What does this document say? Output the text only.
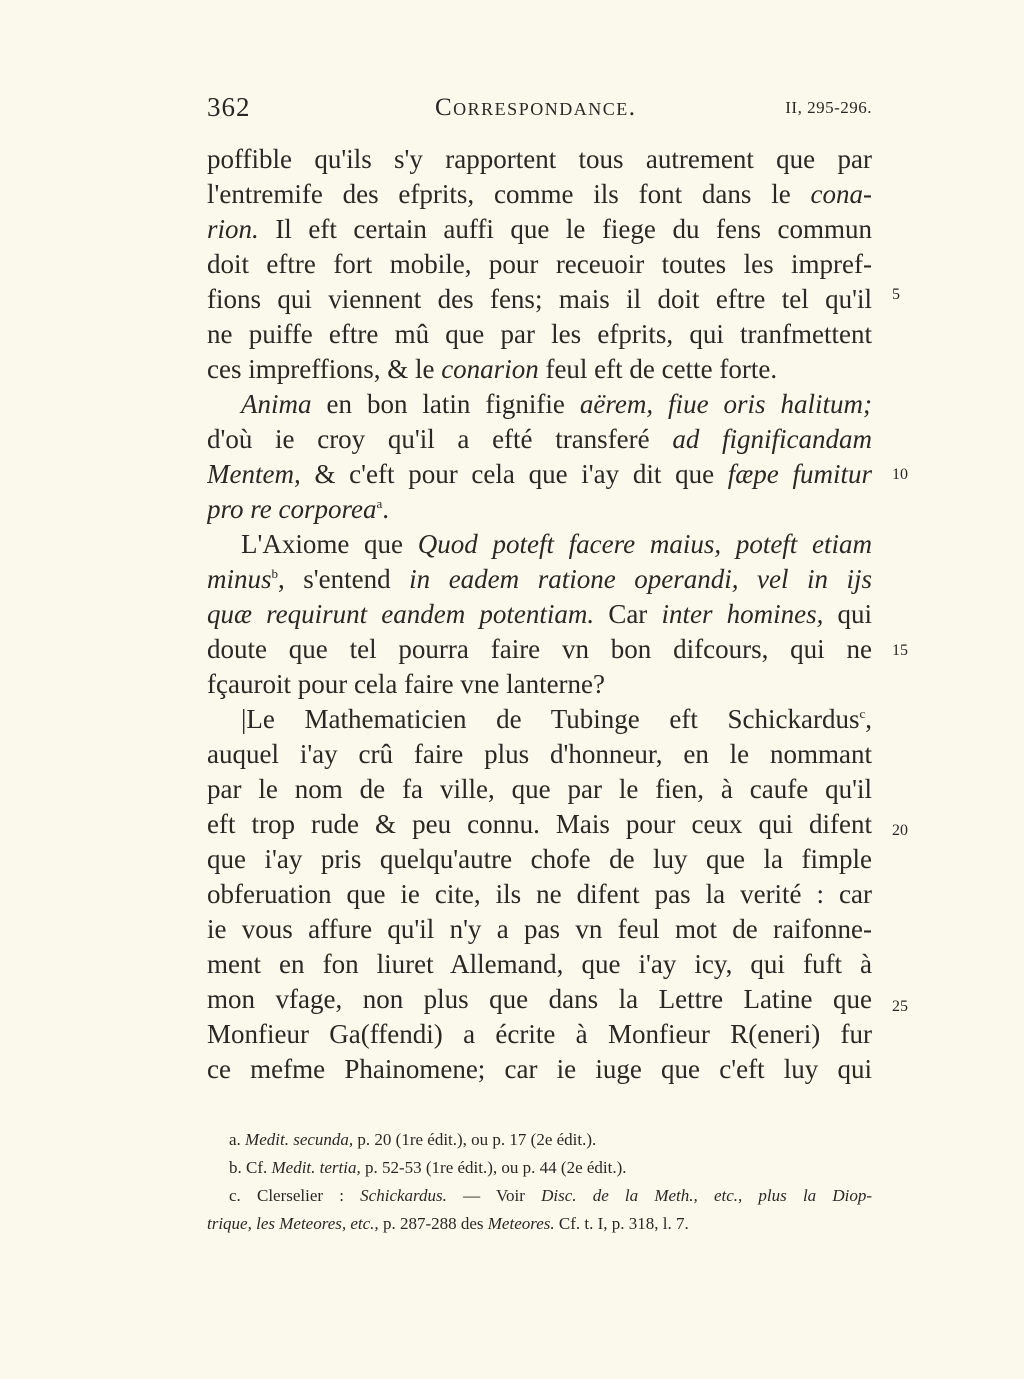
362	Correspondance.	II, 295-296.
poffible qu'ils s'y rapportent tous autrement que par
l'entremife des efprits, comme ils font dans le cona-
rion. Il eft certain auffi que le fiege du fens commun
doit eftre fort mobile, pour receuoir toutes les impref-
fions qui viennent des fens; mais il doit eftre tel qu'il
ne puiffe eftre mû que par les efprits, qui tranfmettent
ces impreffions, & le conarion feul eft de cette forte.
Anima en bon latin fignifie aërem, fiue oris halitum;
d'où ie croy qu'il a efté transferé ad fignificandam
Mentem, & c'eft pour cela que i'ay dit que fæpe fumitur
pro re corporea$^a$.
L'Axiome que Quod poteft facere maius, poteft etiam
minus$^b$, s'entend in eadem ratione operandi, vel in ijs
quæ requirunt eandem potentiam. Car inter homines, qui
doute que tel pourra faire vn bon difcours, qui ne
fçauroit pour cela faire vne lanterne?
|Le Mathematicien de Tubinge eft Schickardus$^c$,
auquel i'ay crû faire plus d'honneur, en le nommant
par le nom de fa ville, que par le fien, à caufe qu'il
eft trop rude & peu connu. Mais pour ceux qui difent
que i'ay pris quelqu'autre chofe de luy que la fimple
obferuation que ie cite, ils ne difent pas la verité : car
ie vous affure qu'il n'y a pas vn feul mot de raifonne-
ment en fon liuret Allemand, que i'ay icy, qui fuft à
mon vfage, non plus que dans la Lettre Latine que
Monfieur Ga(ffendi) a écrite à Monfieur R(eneri) fur
ce mefme Phainomene; car ie iuge que c'eft luy qui
5
10
15
20
25
a. Medit. secunda, p. 20 (1re édit.), ou p. 17 (2e édit.).
b. Cf. Medit. tertia, p. 52-53 (1re édit.), ou p. 44 (2e édit.).
c. Clerselier : Schickardus. — Voir Disc. de la Meth., etc., plus la Diop-
trique, les Meteores, etc., p. 287-288 des Meteores. Cf. t. I, p. 318, l. 7.
